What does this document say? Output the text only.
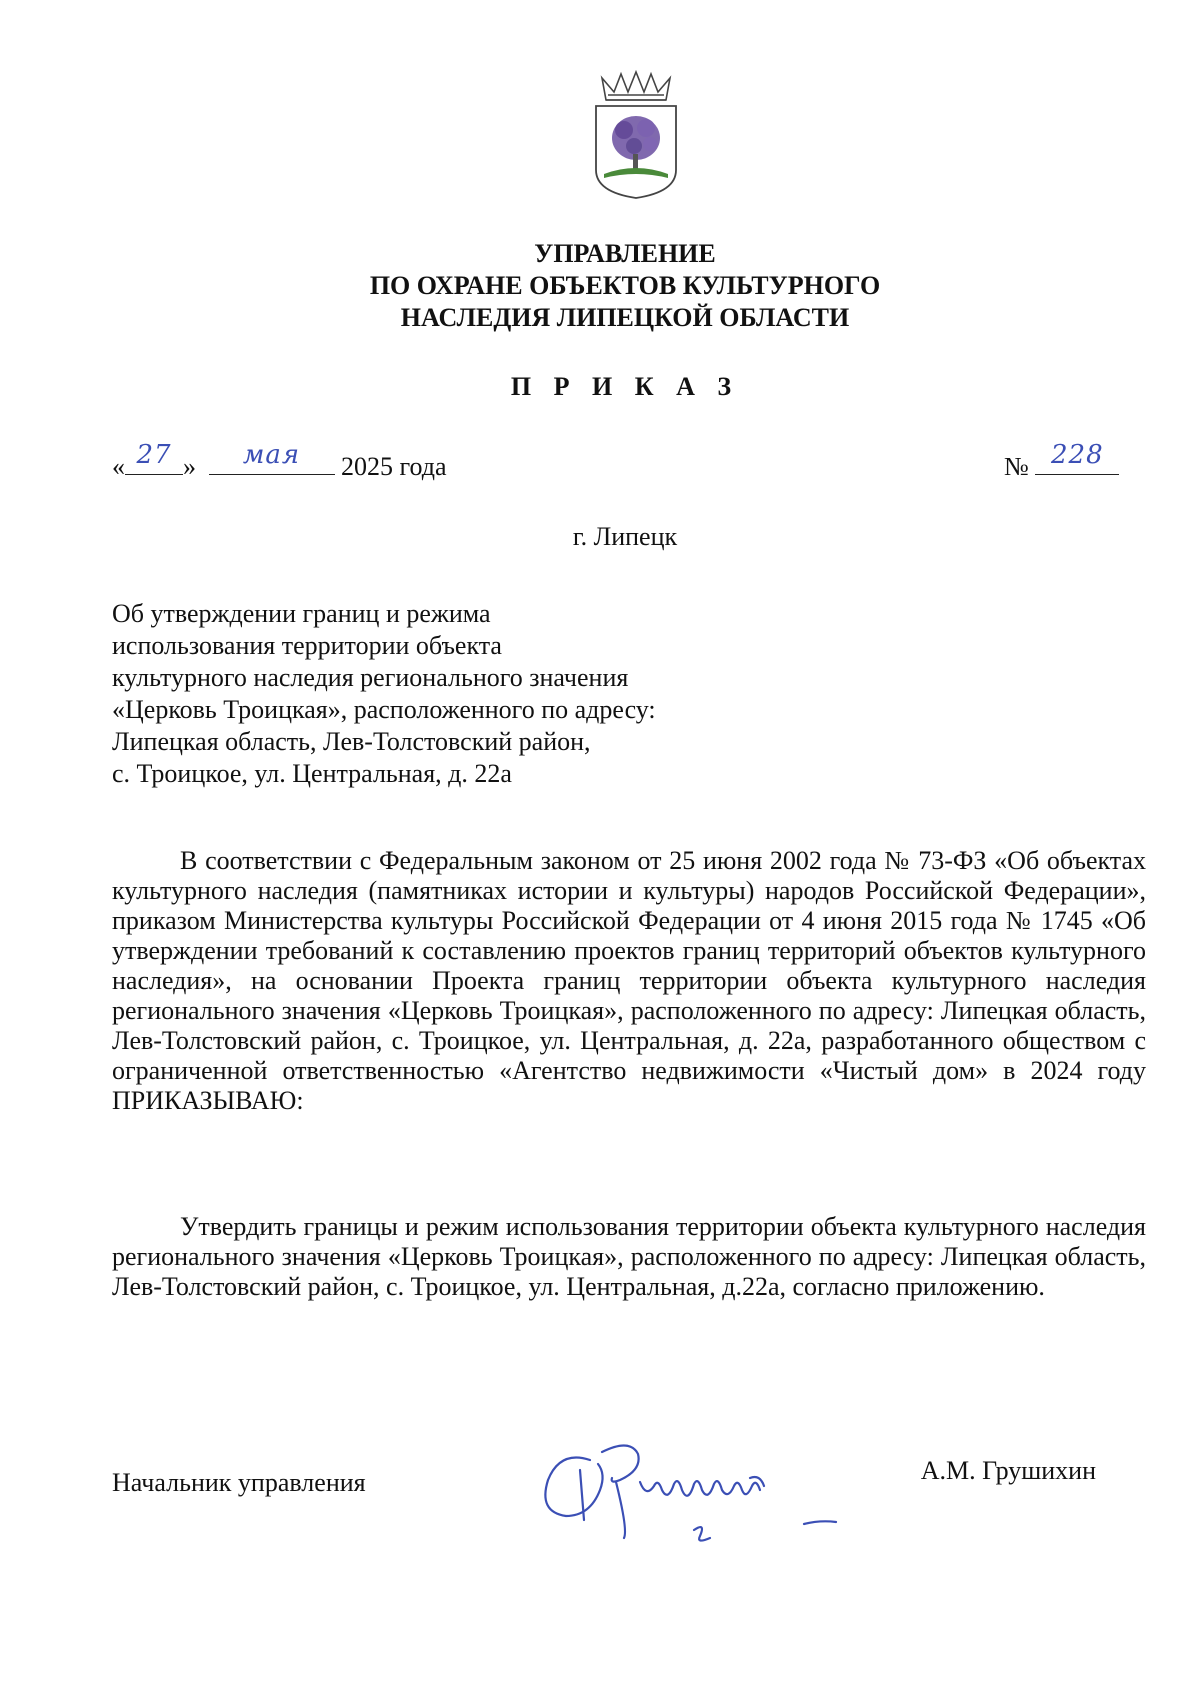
УПРАВЛЕНИЕ
ПО ОХРАНЕ ОБЪЕКТОВ КУЛЬТУРНОГО
НАСЛЕДИЯ ЛИПЕЦКОЙ ОБЛАСТИ
П Р И К А З
« 27 »	мая	2025 года	№ 228
г. Липецк
Об утверждении границ и режима
использования территории объекта
культурного наследия регионального значения
«Церковь Троицкая», расположенного по адресу:
Липецкая область, Лев-Толстовский район,
с. Троицкое, ул. Центральная, д. 22а

В соответствии с Федеральным законом от 25 июня 2002 года № 73-ФЗ «Об объектах культурного наследия (памятниках истории и культуры) народов Российской Федерации», приказом Министерства культуры Российской Федерации от 4 июня 2015 года № 1745 «Об утверждении требований к составлению проектов границ территорий объектов культурного наследия», на основании Проекта границ территории объекта культурного наследия регионального значения «Церковь Троицкая», расположенного по адресу: Липецкая область, Лев-Толстовский район, с. Троицкое, ул. Центральная, д. 22а, разработанного обществом с ограниченной ответственностью «Агентство недвижимости «Чистый дом» в 2024 году

ПРИКАЗЫВАЮ:

Утвердить границы и режим использования территории объекта культурного наследия регионального значения «Церковь Троицкая», расположенного по адресу: Липецкая область, Лев-Толстовский район, с. Троицкое, ул. Центральная, д.22а, согласно приложению.

Начальник управления	А.М. Грушихин
